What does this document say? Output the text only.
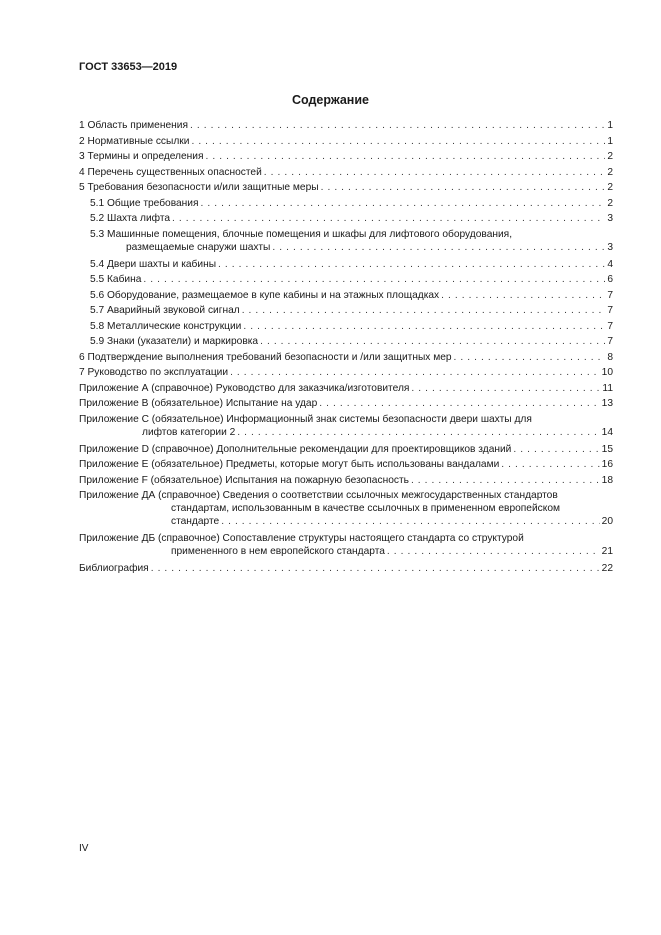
ГОСТ 33653—2019
Содержание
1 Область применения . . .	1
2 Нормативные ссылки . . .	1
3 Термины и определения . . .	2
4 Перечень существенных опасностей . . .	2
5 Требования безопасности и/или защитные меры . . .	2
5.1 Общие требования . . .	2
5.2 Шахта лифта . . .	3
5.3 Машинные помещения, блочные помещения и шкафы для лифтового оборудования,
размещаемые снаружи шахты . . .	3
5.4 Двери шахты и кабины . . .	4
5.5 Кабина . . .	6
5.6 Оборудование, размещаемое в купе кабины и на этажных площадках . . .	7
5.7 Аварийный звуковой сигнал . . .	7
5.8 Металлические конструкции . . .	7
5.9 Знаки (указатели) и маркировка . . .	7
6 Подтверждение выполнения требований безопасности и /или защитных мер . . .	8
7 Руководство по эксплуатации . . .	10
Приложение А (справочное) Руководство для заказчика/изготовителя . . .	11
Приложение В (обязательное) Испытание на удар . . .	13
Приложение С (обязательное) Информационный знак системы безопасности двери шахты для
лифтов категории 2 . . .	14
Приложение D (справочное) Дополнительные рекомендации для проектировщиков зданий . . .	15
Приложение Е (обязательное) Предметы, которые могут быть использованы вандалами . . .	16
Приложение F (обязательное) Испытания на пожарную безопасность . . .	18
Приложение ДА (справочное) Сведения о соответствии ссылочных межгосударственных стандартов
стандартам, использованным в качестве ссылочных в примененном европейском
стандарте . . .	20
Приложение ДБ (справочное) Сопоставление структуры настоящего стандарта со структурой
примененного в нем европейского стандарта . . .	21
Библиография . . .	22
IV
